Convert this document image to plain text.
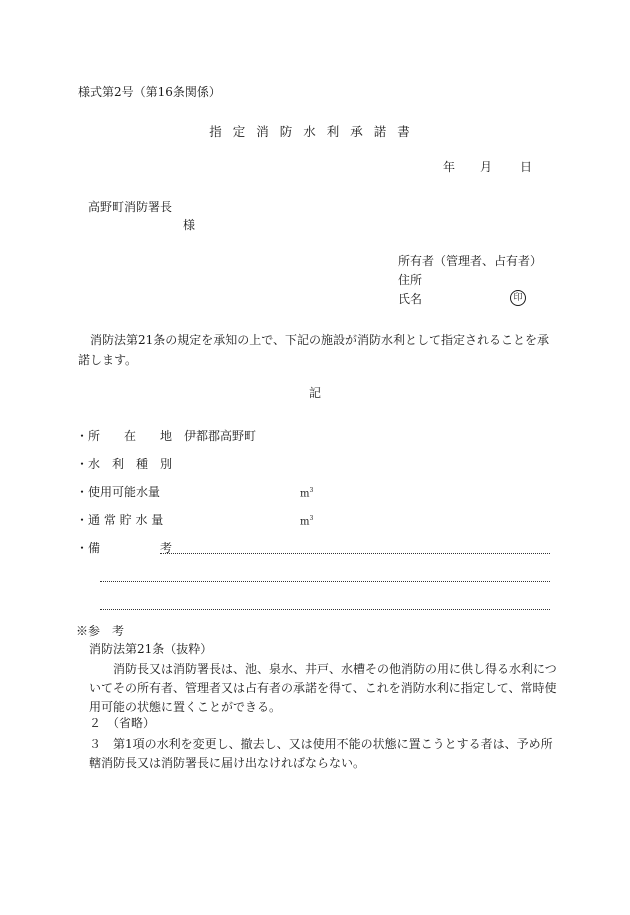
様式第2号（第16条関係）
指定消防水利承諾書
年 月 日
高野町消防署長
様
所有者（管理者、占有者）
住所
氏名	印
消防法第21条の規定を承知の上で、下記の施設が消防水利として指定されることを承諾します。
記
・所　　在　　地 伊都郡高野町
・水　利　種　別
・使用可能水量	$m^3$
・通 常 貯 水 量	$m^3$
・備　　　　　考
※参　考
消防法第21条（抜粋）
消防長又は消防署長は、池、泉水、井戸、水槽その他消防の用に供し得る水利についてその所有者、管理者又は占有者の承諾を得て、これを消防水利に指定して、常時使用可能の状態に置くことができる。
２　（省略）
３　第1項の水利を変更し、撤去し、又は使用不能の状態に置こうとする者は、予め所轄消防長又は消防署長に届け出なければならない。
